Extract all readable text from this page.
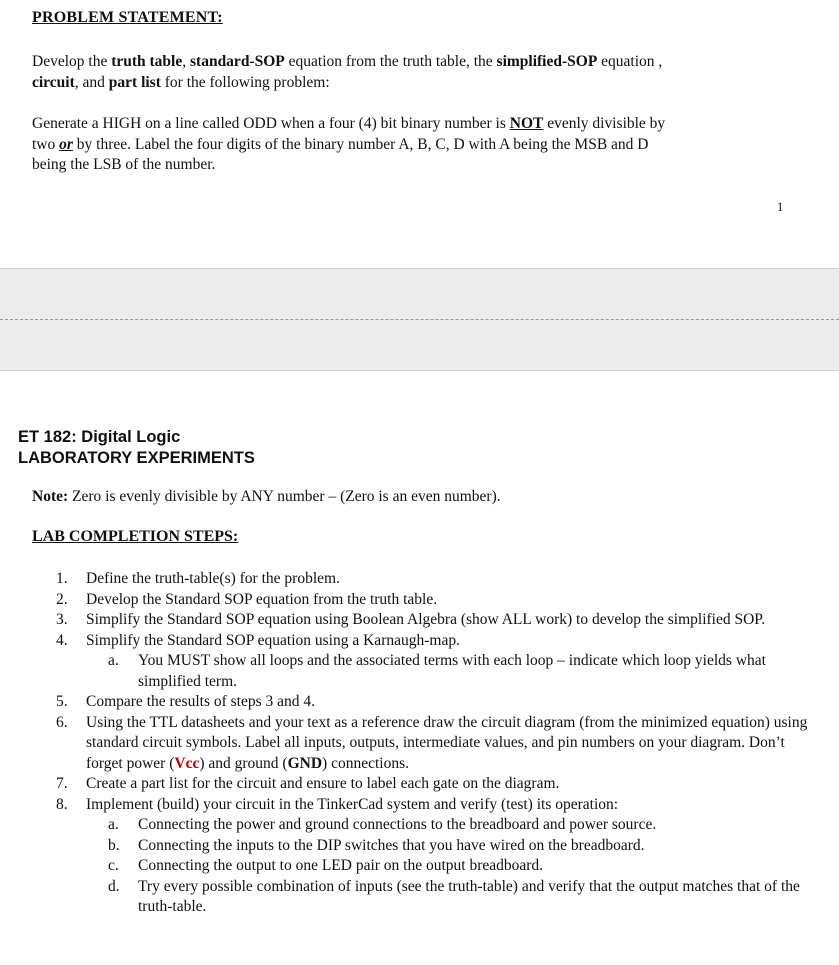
PROBLEM STATEMENT:
Develop the truth table, standard-SOP equation from the truth table, the simplified-SOP equation ,
circuit, and part list for the following problem:
Generate a HIGH on a line called ODD when a four (4) bit binary number is NOT evenly divisible by
two or by three. Label the four digits of the binary number A, B, C, D with A being the MSB and D
being the LSB of the number.
1
ET 182: Digital Logic
LABORATORY EXPERIMENTS
Note: Zero is evenly divisible by ANY number – (Zero is an even number).
LAB COMPLETION STEPS:
1.	Define the truth-table(s) for the problem.
2.	Develop the Standard SOP equation from the truth table.
3.	Simplify the Standard SOP equation using Boolean Algebra (show ALL work) to develop the simplified SOP.
4.	Simplify the Standard SOP equation using a Karnaugh-map.
a.	You MUST show all loops and the associated terms with each loop – indicate which loop yields what simplified term.
5.	Compare the results of steps 3 and 4.
6.	Using the TTL datasheets and your text as a reference draw the circuit diagram (from the minimized equation) using standard circuit symbols. Label all inputs, outputs, intermediate values, and pin numbers on your diagram. Don’t forget power (Vcc) and ground (GND) connections.
7.	Create a part list for the circuit and ensure to label each gate on the diagram.
8.	Implement (build) your circuit in the TinkerCad system and verify (test) its operation:
a.	Connecting the power and ground connections to the breadboard and power source.
b.	Connecting the inputs to the DIP switches that you have wired on the breadboard.
c.	Connecting the output to one LED pair on the output breadboard.
d.	Try every possible combination of inputs (see the truth-table) and verify that the output matches that of the truth-table.
